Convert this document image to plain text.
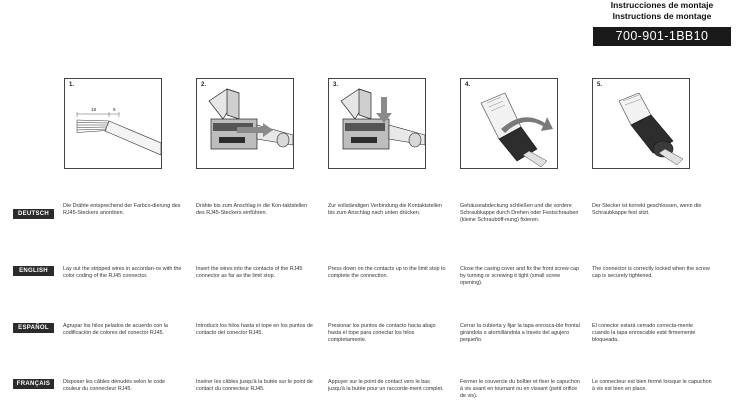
Instrucciones de montaje
Instructions de montage
700-901-1BB10
1.
18	5
2.	3.	4.	5.
DEUTSCH
Die Drähte entsprechend der Farbco-dierung des RJ45-Steckers anordnen.
Drähte bis zum Anschlag in die Kon-taktstellen des RJ45-Steckers einführen.
Zur vollständigen Verbindung die Kontaktstellen bis zum Anschlag nach unten drücken.
Gehäuseabdeckung schließen und die vordere Schraubkappe durch Drehen oder Festschrauben (kleine Schrauböff-nung) fixieren.
Der Stecker ist korrekt geschlossen, wenn die Schraubkappe fest sitzt.
ENGLISH	Lay out the stripped wires in accordan-ce with the color coding of the RJ45 connector.
Insert the wires into the contacts of the RJ45 connector as far as the limit stop.
Press down on the contacts up to the limit stop to complete the connection.
Close the casing cover and fix the front screw cap by turning or screwing it tight (small screw opening).
The connector is correctly locked when the screw cap is securely tightened.
ESPAÑOL	Agrupar los hilos pelados de acuerdo con la codificación de colores del conector RJ45.
Introducir los hilos hasta el tope en los puntos de contacto del conector RJ45.
Presionar los puntos de contacto hacia abajo hasta el tope para conectar los hilos completamente.
Cerrar la cubierta y fijar la tapa enrosca-ble frontal girándola o atornillándola a través del agujero pequeño.
El conector estará cerrado correcta-mente cuando la tapa enroscable esté firmemente bloqueada.
FRANÇAIS	Disposer les câbles dénudés selon le code couleur du connecteur RJ45.
Insérer les câbles jusqu'à la butée sur le point de contact du connecteur RJ45.
Appuyer sur le point de contact vers le bas jusqu'à la butée pour un raccorde-ment complet.
Fermer le couvercle du boîtier et fixer le capuchon à vis avant en tournant ou en vissant (petit orifice de vis).
Le connecteur est bien fermé lorsque le capuchon à vis est bien en place.
